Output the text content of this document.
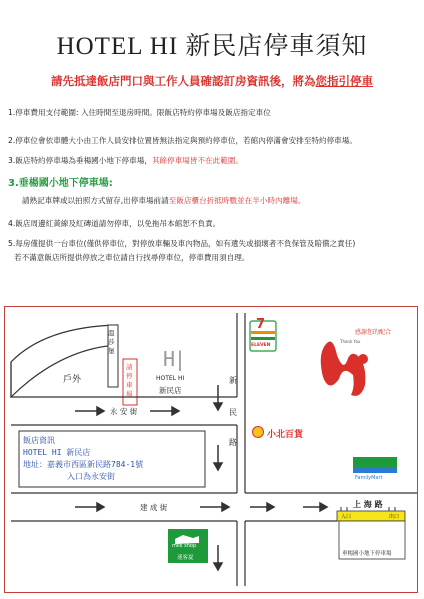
HOTEL HI 新民店停車須知
請先抵達飯店門口與工作人員確認訂房資訊後，將為您指引停車
1.停車費用支付範圍: 入住時間至退房時間。限飯店特約停車場及飯店指定車位
2.停車位會依車體大小由工作人員安排位置皆無法指定與預約停車位，若館內停滿會安排至特約停車場。
3.飯店特約停車場為垂楊國小地下停車場，其餘停車場皆不在此範圍。
3.垂楊國小地下停車場:
請熟記車牌或以拍照方式留存,出停車場前請至飯店櫃台折抵時數並在半小時內離場。
4.飯店周邊紅黃線及紅磚道請勿停車，以免拖吊本館恕不負責。
5.每房僅提供一台車位(僅供停車位，對停放車輛及車內物品，如有遺失或損壞者不負保管及賠償之責任)
若不滿意飯店所提供停放之車位請自行找尋停車位，停車費用須自理。
戶外
溫
莎
堡
請
停
車
場
H|
HOTEL HI
新民店
永 安 街
新
民
路
建 成 街	上 海 路
飯店資訊
HOTEL HI 新民店
地址：嘉義市西區新民路784-1號
入口為永安街
7
ELEVEN
小北百貨
FamilyMart
milk shop
迷客夏
感謝您的配合
Thank You
入口	出口
垂楊國小地下停車場
